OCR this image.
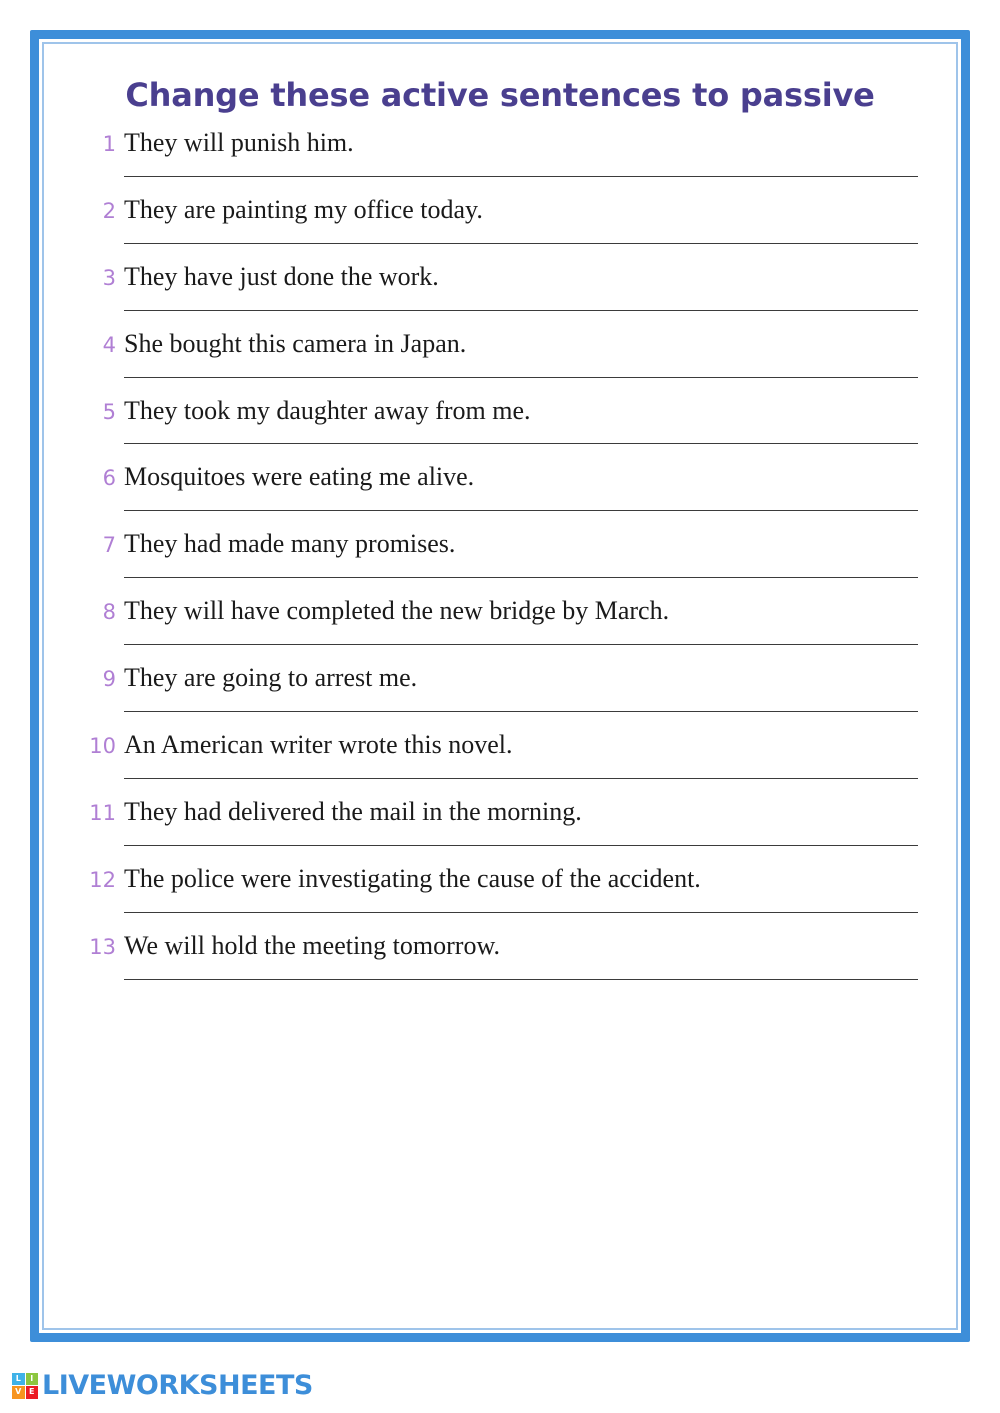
Change these active sentences to passive
1 They will punish him.
2 They are painting my office today.
3 They have just done the work.
4 She bought this camera in Japan.
5 They took my daughter away from me.
6 Mosquitoes were eating me alive.
7 They had made many promises.
8 They will have completed the new bridge by March.
9 They are going to arrest me.
10 An American writer wrote this novel.
11 They had delivered the mail in the morning.
12 The police were investigating the cause of the accident.
13 We will hold the meeting tomorrow.
L	I
V E LIVEWORKSHEETS
